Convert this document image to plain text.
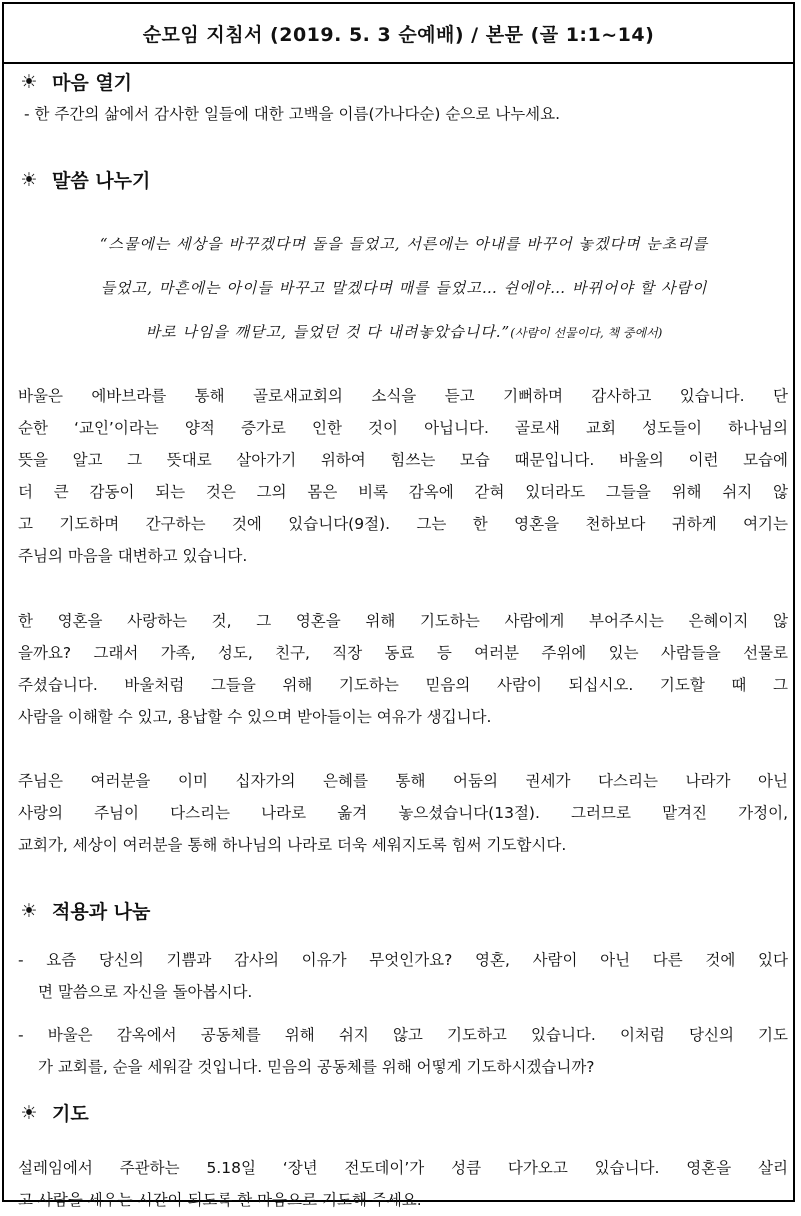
순모임 지침서 (2019. 5. 3 순예배) / 본문 (골 1:1~14)
☀ 마음 열기
- 한 주간의 삶에서 감사한 일들에 대한 고백을 이름(가나다순) 순으로 나누세요.
☀ 말씀 나누기
“스물에는 세상을 바꾸겠다며 돌을 들었고, 서른에는 아내를 바꾸어 놓겠다며 눈초리를
들었고, 마흔에는 아이들 바꾸고 말겠다며 매를 들었고… 쉰에야… 바뀌어야 할 사람이
바로 나임을 깨닫고, 들었던 것 다 내려놓았습니다.”(사람이 선물이다, 책 중에서)
바울은 에바브라를 통해 골로새교회의 소식을 듣고 기뻐하며 감사하고 있습니다. 단
순한 ‘교인’이라는 양적 증가로 인한 것이 아닙니다. 골로새 교회 성도들이 하나님의
뜻을 알고 그 뜻대로 살아가기 위하여 힘쓰는 모습 때문입니다. 바울의 이런 모습에
더 큰 감동이 되는 것은 그의 몸은 비록 감옥에 갇혀 있더라도 그들을 위해 쉬지 않
고 기도하며 간구하는 것에 있습니다(9절). 그는 한 영혼을 천하보다 귀하게 여기는
주님의 마음을 대변하고 있습니다.
한 영혼을 사랑하는 것, 그 영혼을 위해 기도하는 사람에게 부어주시는 은혜이지 않
을까요? 그래서 가족, 성도, 친구, 직장 동료 등 여러분 주위에 있는 사람들을 선물로
주셨습니다. 바울처럼 그들을 위해 기도하는 믿음의 사람이 되십시오. 기도할 때 그
사람을 이해할 수 있고, 용납할 수 있으며 받아들이는 여유가 생깁니다.
주님은 여러분을 이미 십자가의 은혜를 통해 어둠의 권세가 다스리는 나라가 아닌
사랑의 주님이 다스리는 나라로 옮겨 놓으셨습니다(13절). 그러므로 맡겨진 가정이,
교회가, 세상이 여러분을 통해 하나님의 나라로 더욱 세워지도록 힘써 기도합시다.
☀ 적용과 나눔
- 요즘 당신의 기쁨과 감사의 이유가 무엇인가요? 영혼, 사람이 아닌 다른 것에 있다
면 말씀으로 자신을 돌아봅시다.
- 바울은 감옥에서 공동체를 위해 쉬지 않고 기도하고 있습니다. 이처럼 당신의 기도
가 교회를, 순을 세워갈 것입니다. 믿음의 공동체를 위해 어떻게 기도하시겠습니까?
☀ 기도
설레임에서 주관하는 5.18일 ‘장년 전도데이’가 성큼 다가오고 있습니다. 영혼을 살리
고 사람을 세우는 시간이 되도록 한 마음으로 기도해 주세요.
